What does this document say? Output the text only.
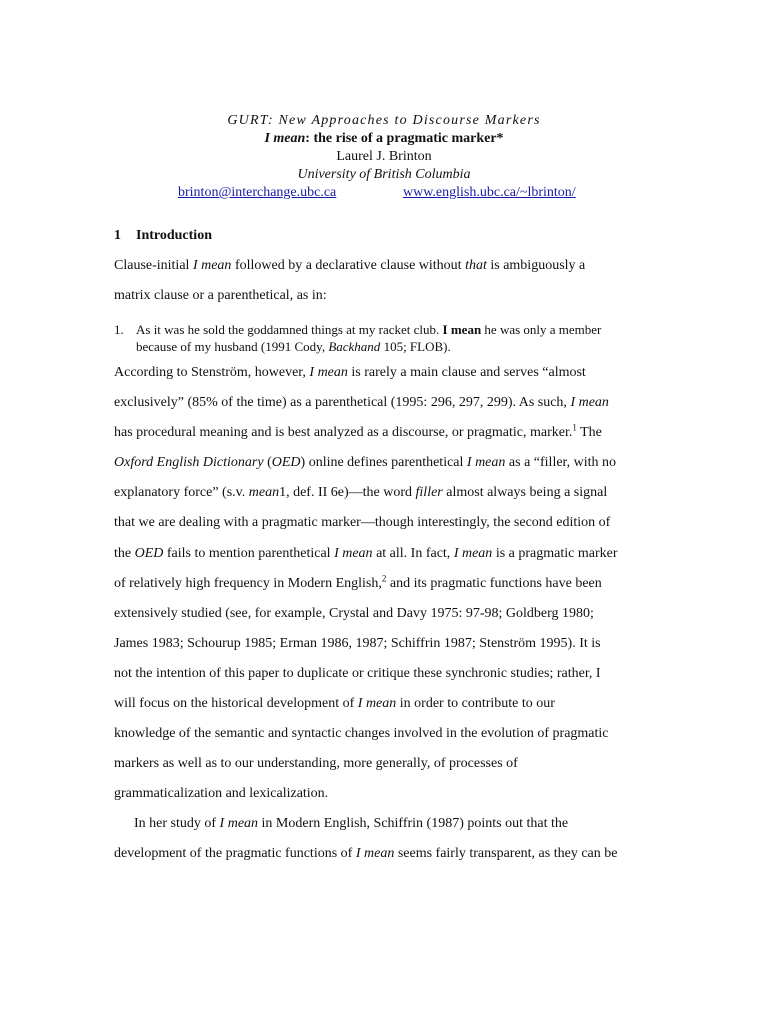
GURT: New Approaches to Discourse Markers
I mean: the rise of a pragmatic marker*
Laurel J. Brinton
University of British Columbia
brinton@interchange.ubc.ca	www.english.ubc.ca/~lbrinton/
1 Introduction
Clause-initial I mean followed by a declarative clause without that is ambiguously a
matrix clause or a parenthetical, as in:
1. As it was he sold the goddamned things at my racket club. I mean he was only a member
because of my husband (1991 Cody, Backhand 105; FLOB).
According to Stenström, however, I mean is rarely a main clause and serves “almost
exclusively” (85% of the time) as a parenthetical (1995: 296, 297, 299). As such, I mean
has procedural meaning and is best analyzed as a discourse, or pragmatic, marker.$^1$ The
Oxford English Dictionary (OED) online defines parenthetical I mean as a “filler, with no
explanatory force” (s.v. mean1, def. II 6e)—the word filler almost always being a signal
that we are dealing with a pragmatic marker—though interestingly, the second edition of
the OED fails to mention parenthetical I mean at all. In fact, I mean is a pragmatic marker
of relatively high frequency in Modern English,$^2$ and its pragmatic functions have been
extensively studied (see, for example, Crystal and Davy 1975: 97-98; Goldberg 1980;
James 1983; Schourup 1985; Erman 1986, 1987; Schiffrin 1987; Stenström 1995). It is
not the intention of this paper to duplicate or critique these synchronic studies; rather, I
will focus on the historical development of I mean in order to contribute to our
knowledge of the semantic and syntactic changes involved in the evolution of pragmatic
markers as well as to our understanding, more generally, of processes of
grammaticalization and lexicalization.
In her study of I mean in Modern English, Schiffrin (1987) points out that the
development of the pragmatic functions of I mean seems fairly transparent, as they can be
